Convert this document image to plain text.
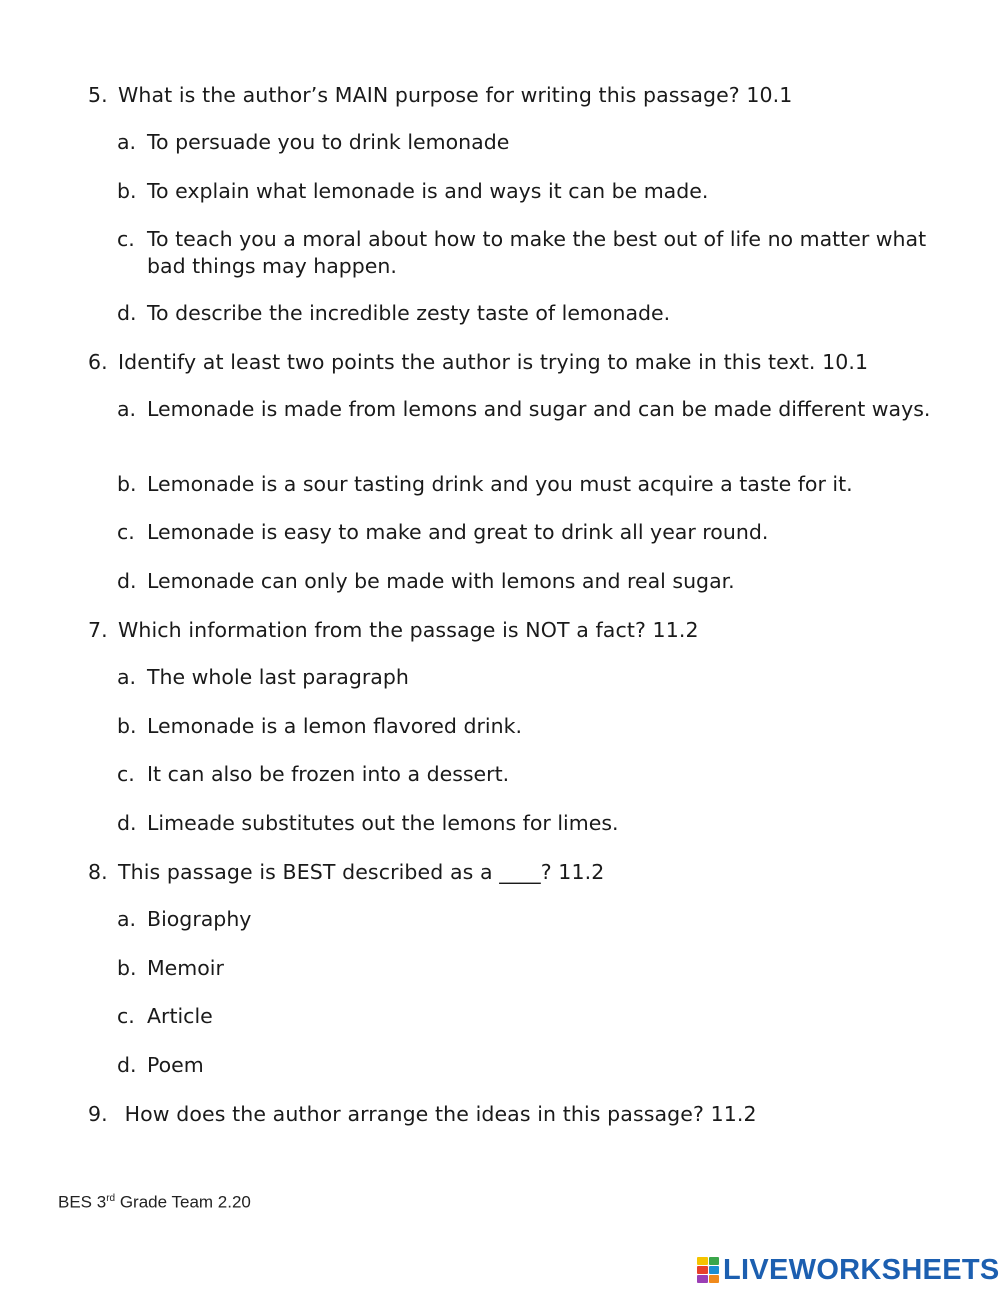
5. What is the author’s MAIN purpose for writing this passage? 10.1
a. To persuade you to drink lemonade
b. To explain what lemonade is and ways it can be made.
c. To teach you a moral about how to make the best out of life no matter what bad things may happen.
d. To describe the incredible zesty taste of lemonade.
6. Identify at least two points the author is trying to make in this text. 10.1
a. Lemonade is made from lemons and sugar and can be made different ways.
b. Lemonade is a sour tasting drink and you must acquire a taste for it.
c. Lemonade is easy to make and great to drink all year round.
d. Lemonade can only be made with lemons and real sugar.
7. Which information from the passage is NOT a fact? 11.2
a. The whole last paragraph
b. Lemonade is a lemon flavored drink.
c. It can also be frozen into a dessert.
d. Limeade substitutes out the lemons for limes.
8. This passage is BEST described as a ____? 11.2
a. Biography
b. Memoir
c. Article
d. Poem
9. How does the author arrange the ideas in this passage? 11.2
BES 3rd Grade Team 2.20
LIVEWORKSHEETS
